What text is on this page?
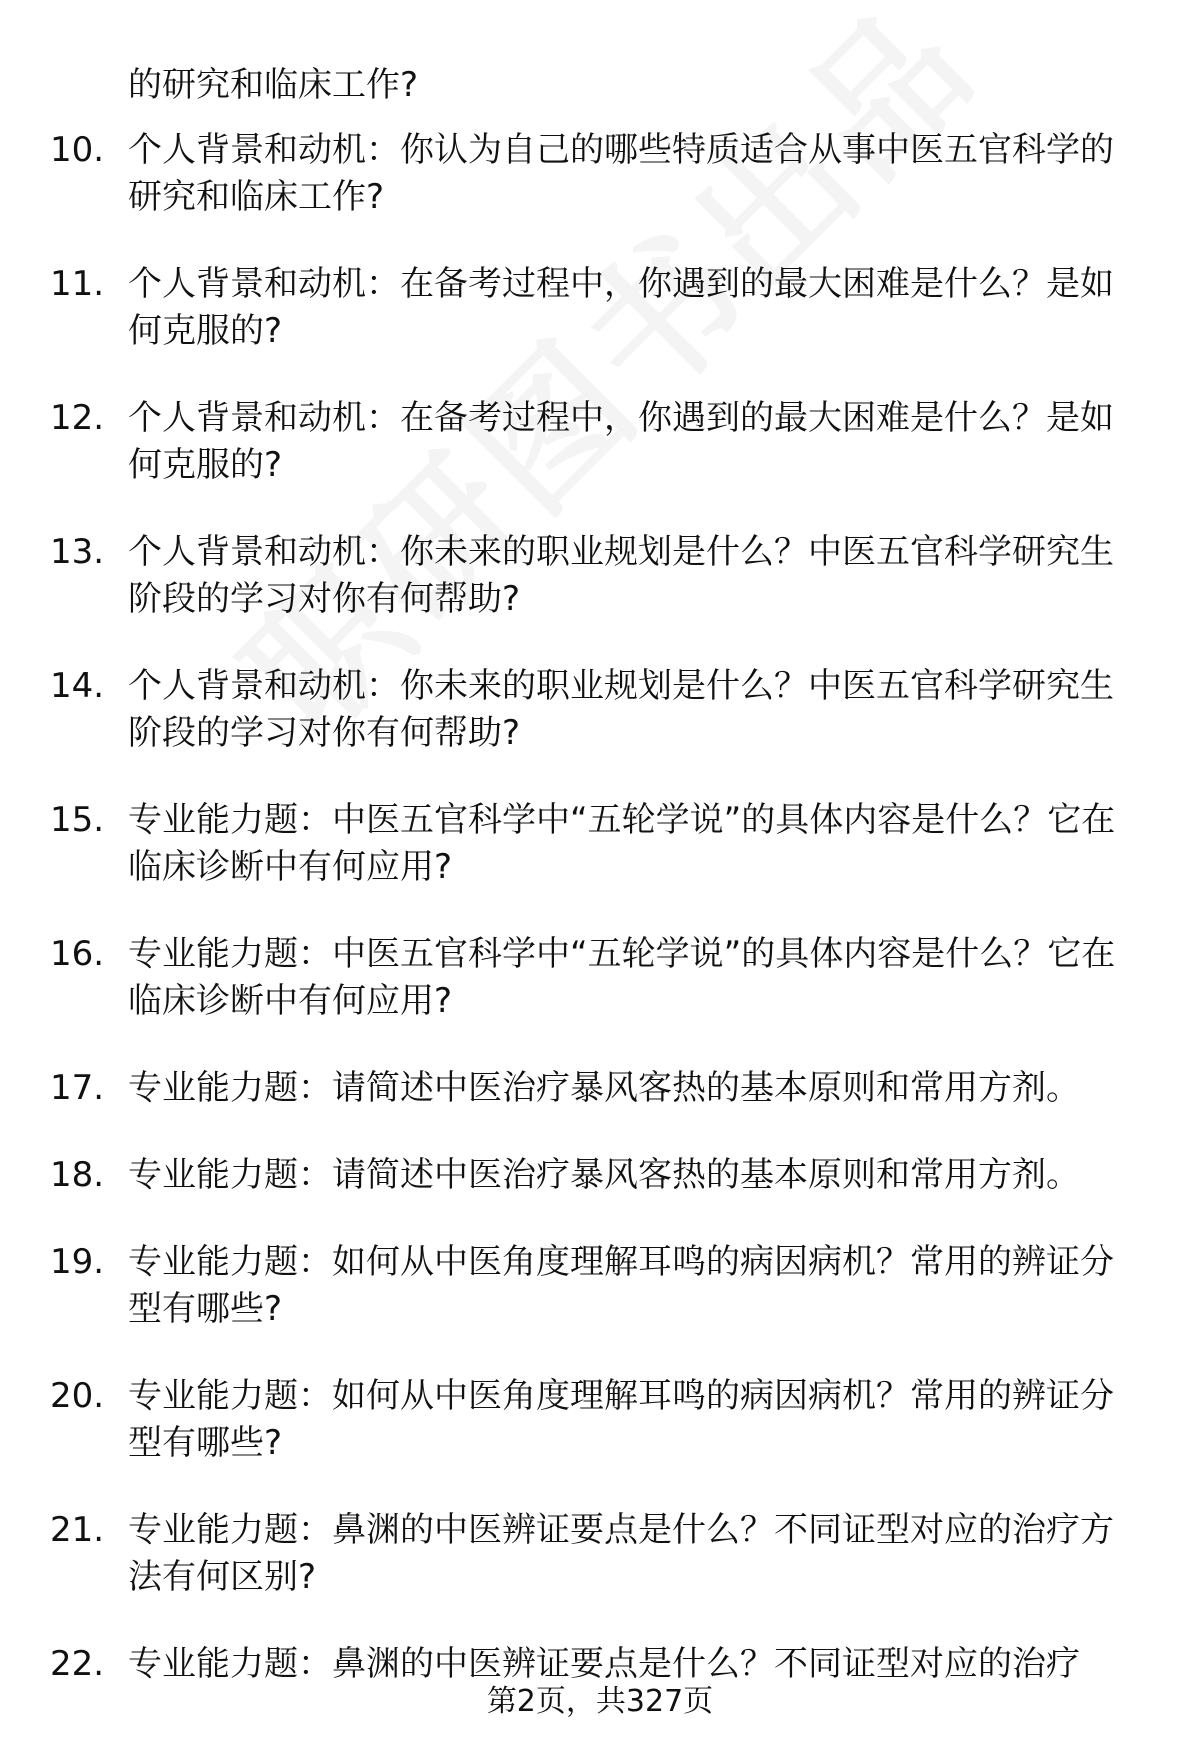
的研究和临床工作?
10. 个人背景和动机：你认为自己的哪些特质适合从事中医五官科学的研究和临床工作?
11. 个人背景和动机：在备考过程中，你遇到的最大困难是什么？是如何克服的?
12. 个人背景和动机：在备考过程中，你遇到的最大困难是什么？是如何克服的?
13. 个人背景和动机：你未来的职业规划是什么？中医五官科学研究生阶段的学习对你有何帮助?
14. 个人背景和动机：你未来的职业规划是什么？中医五官科学研究生阶段的学习对你有何帮助?
15. 专业能力题：中医五官科学中“五轮学说”的具体内容是什么？它在临床诊断中有何应用?
16. 专业能力题：中医五官科学中“五轮学说”的具体内容是什么？它在临床诊断中有何应用?
17. 专业能力题：请简述中医治疗暴风客热的基本原则和常用方剂。
18. 专业能力题：请简述中医治疗暴风客热的基本原则和常用方剂。
19. 专业能力题：如何从中医角度理解耳鸣的病因病机？常用的辨证分型有哪些?
20. 专业能力题：如何从中医角度理解耳鸣的病因病机？常用的辨证分型有哪些?
21. 专业能力题：鼻渊的中医辨证要点是什么？不同证型对应的治疗方法有何区别?
22. 专业能力题：鼻渊的中医辨证要点是什么？不同证型对应的治疗
第2页，共327页
